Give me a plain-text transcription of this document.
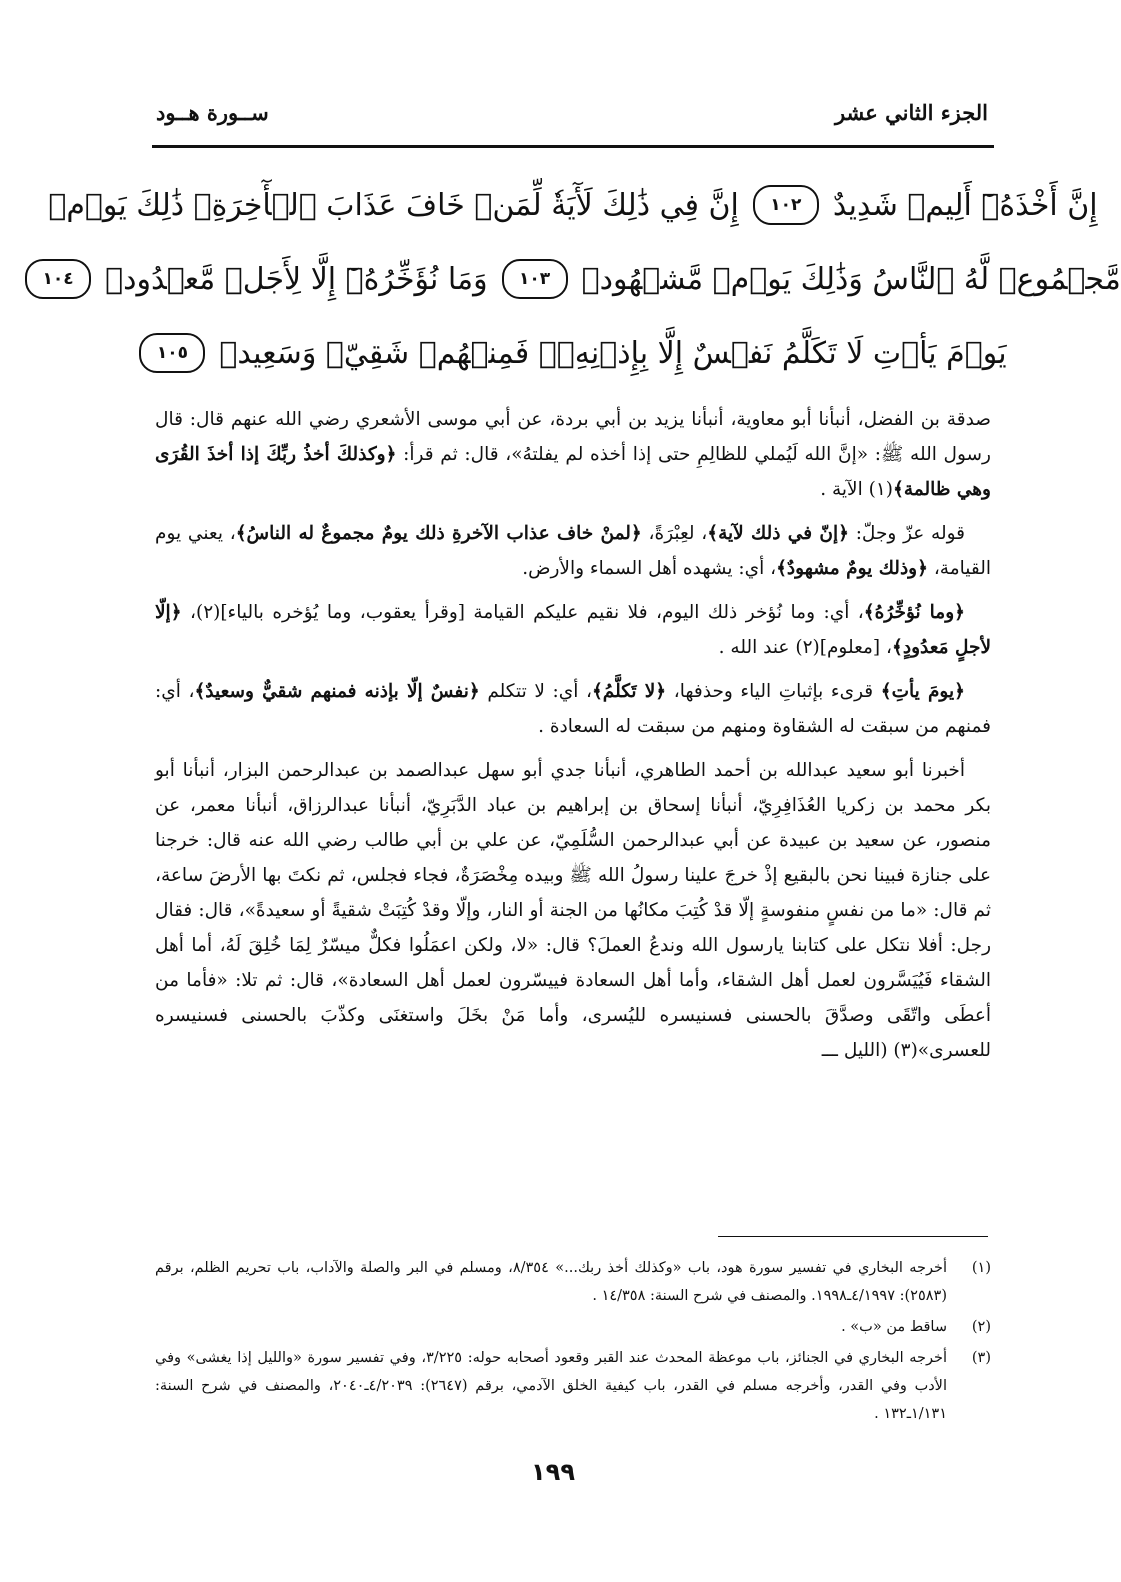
الجزء الثاني عشر
ســورة هــود
إِنَّ أَخْذَهُۥٓ أَلِيمٞ شَدِيدٌ
١٠٢
إِنَّ فِي ذَٰلِكَ لَأٓيَةٗ لِّمَنۡ خَافَ عَذَابَ ٱلۡأٓخِرَةِۚ ذَٰلِكَ يَوۡمٞ
مَّجۡمُوعٞ لَّهُ ٱلنَّاسُ وَذَٰلِكَ يَوۡمٞ مَّشۡهُودٞ
١٠٣
وَمَا نُؤَخِّرُهُۥٓ إِلَّا لِأَجَلٖ مَّعۡدُودٖ
١٠٤
يَوۡمَ يَأۡتِ لَا تَكَلَّمُ نَفۡسٌ إِلَّا بِإِذۡنِهِۦۚ فَمِنۡهُمۡ شَقِيّٞ وَسَعِيدٞ
١٠٥

صدقة بن الفضل، أنبأنا أبو معاوية، أنبأنا يزيد بن أبي بردة، عن أبي موسى الأشعري رضي الله عنهم قال: قال رسول الله ﷺ: «إنَّ الله لَيُملي للظالِمِ حتى إذا أخذه لم يفلتهُ»، قال: ثم قرأ: ﴿وكذلكَ أخذُ ربِّكَ إذا أخذَ القُرَى وهي ظالمة﴾(١) الآية .

قوله عزّ وجلّ: ﴿إنّ في ذلك لآية﴾، لعِبْرَةً، ﴿لمنْ خاف عذاب الآخرةِ ذلك يومٌ مجموعٌ له الناسُ﴾، يعني يوم القيامة، ﴿وذلك يومٌ مشهودٌ﴾، أي: يشهده أهل السماء والأرض.

﴿وما نُؤخِّرُهُ﴾، أي: وما نُؤخر ذلك اليوم، فلا نقيم عليكم القيامة [وقرأ يعقوب، وما يُؤخره بالياء](٢)، ﴿إلّا لأجلٍ مَعدُودٍ﴾، [معلوم](٢) عند الله .

﴿يومَ يأتِ﴾ قرىء بإثباتِ الياء وحذفها، ﴿لا تَكلَّمُ﴾، أي: لا تتكلم ﴿نفسٌ إلّا بإذنه فمنهم شقيٌّ وسعيدٌ﴾، أي: فمنهم من سبقت له الشقاوة ومنهم من سبقت له السعادة .

أخبرنا أبو سعيد عبدالله بن أحمد الطاهري، أنبأنا جدي أبو سهل عبدالصمد بن عبدالرحمن البزار، أنبأنا أبو بكر محمد بن زكريا العُذَافِرِيّ، أنبأنا إسحاق بن إبراهيم بن عباد الدَّبَرِيّ، أنبأنا عبدالرزاق، أنبأنا معمر، عن منصور، عن سعيد بن عبيدة عن أبي عبدالرحمن السُّلَمِيّ، عن علي بن أبي طالب رضي الله عنه قال: خرجنا على جنازة فبينا نحن بالبقيع إذْ خرجَ علينا رسولُ الله ﷺ وبيده مِخْصَرَةٌ، فجاء فجلس، ثم نكتَ بها الأرضَ ساعة، ثم قال: «ما من نفسٍ منفوسةٍ إلّا قدْ كُتِبَ مكانُها من الجنة أو النار، وإلّا وقدْ كُتِبَتْ شقيةً أو سعيدةً»، قال: فقال رجل: أفلا نتكل على كتابنا يارسول الله وندعُ العملَ؟ قال: «لا، ولكن اعمَلُوا فكلٌّ ميسّرٌ لِمَا خُلِقَ لَهُ، أما أهل الشقاء فَيُيَسَّرون لعمل أهل الشقاء، وأما أهل السعادة فييسّرون لعمل أهل السعادة»، قال: ثم تلا: «فأما من أعطَى واتّقَى وصدَّقَ بالحسنى فسنيسره لليُسرى، وأما مَنْ بخَلَ واستغنَى وكذّبَ بالحسنى فسنيسره للعسرى»(٣) (الليل ـــ

(١)
أخرجه البخاري في تفسير سورة هود، باب «وكذلك أخذ ربك...» ٨/٣٥٤، ومسلم في البر والصلة والآداب، باب تحريم الظلم، برقم (٢٥٨٣): ٤/١٩٩٧ـ١٩٩٨. والمصنف في شرح السنة: ١٤/٣٥٨ .
(٢)
ساقط من «ب» .
(٣)
أخرجه البخاري في الجنائز، باب موعظة المحدث عند القبر وقعود أصحابه حوله: ٣/٢٢٥، وفي تفسير سورة «والليل إذا يغشى» وفي الأدب وفي القدر، وأخرجه مسلم في القدر، باب كيفية الخلق الآدمي، برقم (٢٦٤٧): ٤/٢٠٣٩ـ٢٠٤٠، والمصنف في شرح السنة: ١/١٣١ـ١٣٢ .
١٩٩
